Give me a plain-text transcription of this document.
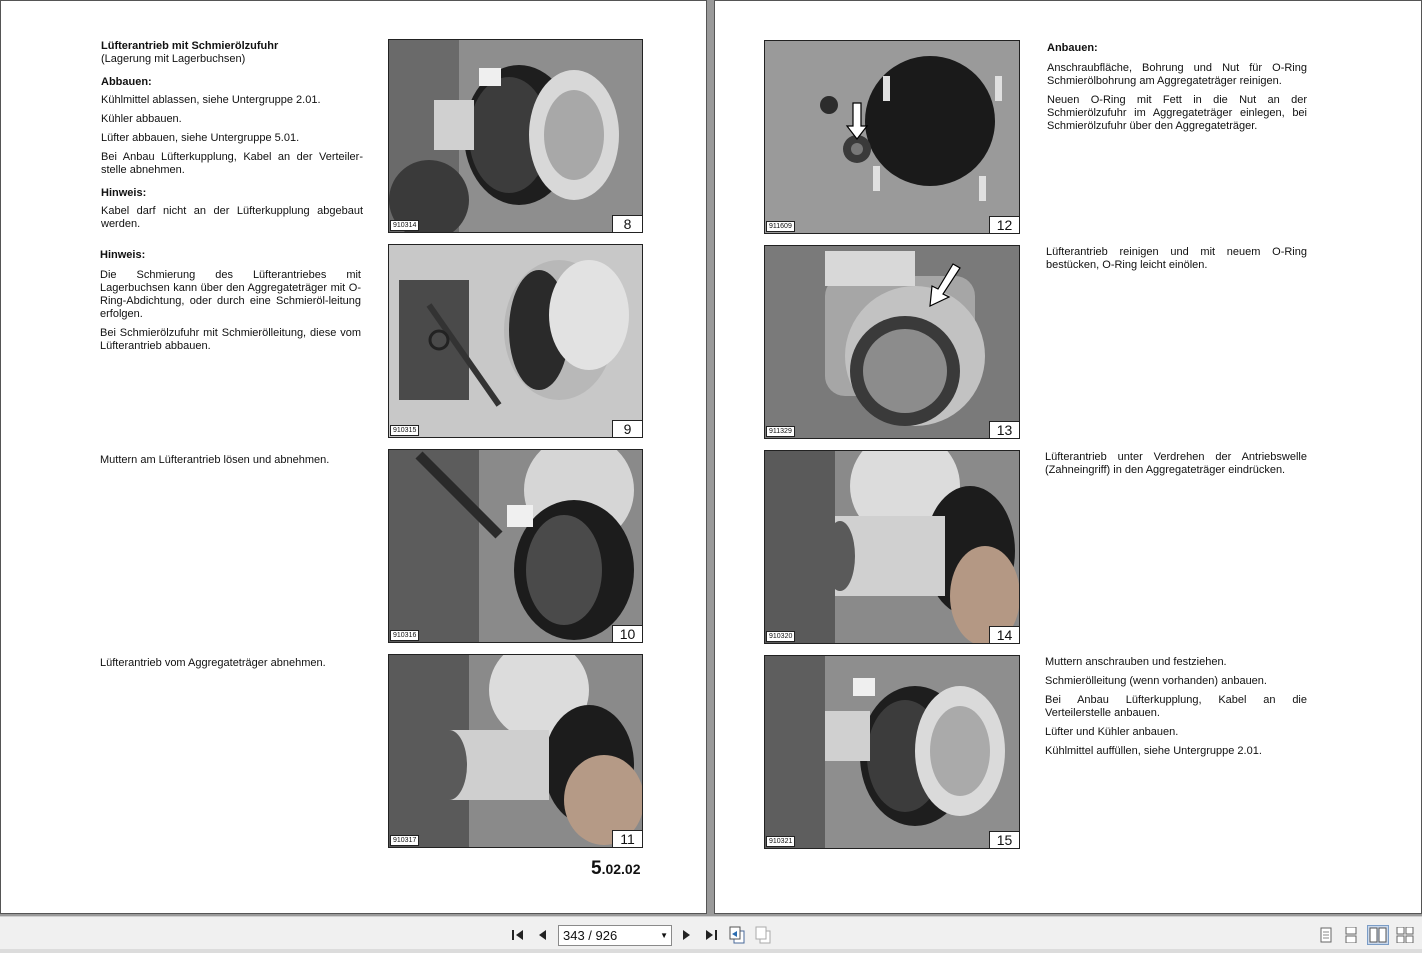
Lüfterantrieb mit Schmierölzufuhr

(Lagerung mit Lagerbuchsen)

Abbauen:

Kühlmittel ablassen, siehe Untergruppe 2.01.

Kühler abbauen.

Lüfter abbauen, siehe Untergruppe 5.01.

Bei Anbau Lüfterkupplung, Kabel an der Verteiler-stelle abnehmen.

Hinweis:

Kabel darf nicht an der Lüfterkupplung abgebaut werden.

Hinweis:

Die Schmierung des Lüfterantriebes mit Lagerbuchsen kann über den Aggregateträger mit O-Ring-Abdichtung, oder durch eine Schmieröl-leitung erfolgen.

Bei Schmierölzufuhr mit Schmierölleitung, diese vom Lüfterantrieb abbauen.

Muttern am Lüfterantrieb lösen und abnehmen.

Lüfterantrieb vom Aggregateträger abnehmen.

910314	8
910315	9
910316	10
910317	11
5.02.02

Anbauen:

Anschraubfläche, Bohrung und Nut für O-Ring Schmierölbohrung am Aggregateträger reinigen.

Neuen O-Ring mit Fett in die Nut an der Schmierölzufuhr im Aggregateträger einlegen, bei Schmierölzufuhr über den Aggregateträger.

Lüfterantrieb reinigen und mit neuem O-Ring bestücken, O-Ring leicht einölen.

Lüfterantrieb unter Verdrehen der Antriebswelle (Zahneingriff) in den Aggregateträger eindrücken.

Muttern anschrauben und festziehen.

Schmierölleitung (wenn vorhanden) anbauen.

Bei Anbau Lüfterkupplung, Kabel an die Verteilerstelle anbauen.

Lüfter und Kühler anbauen.

Kühlmittel auffüllen, siehe Untergruppe 2.01.

911609	12
911329	13
910320	14
910321	15
343 / 926	▼
